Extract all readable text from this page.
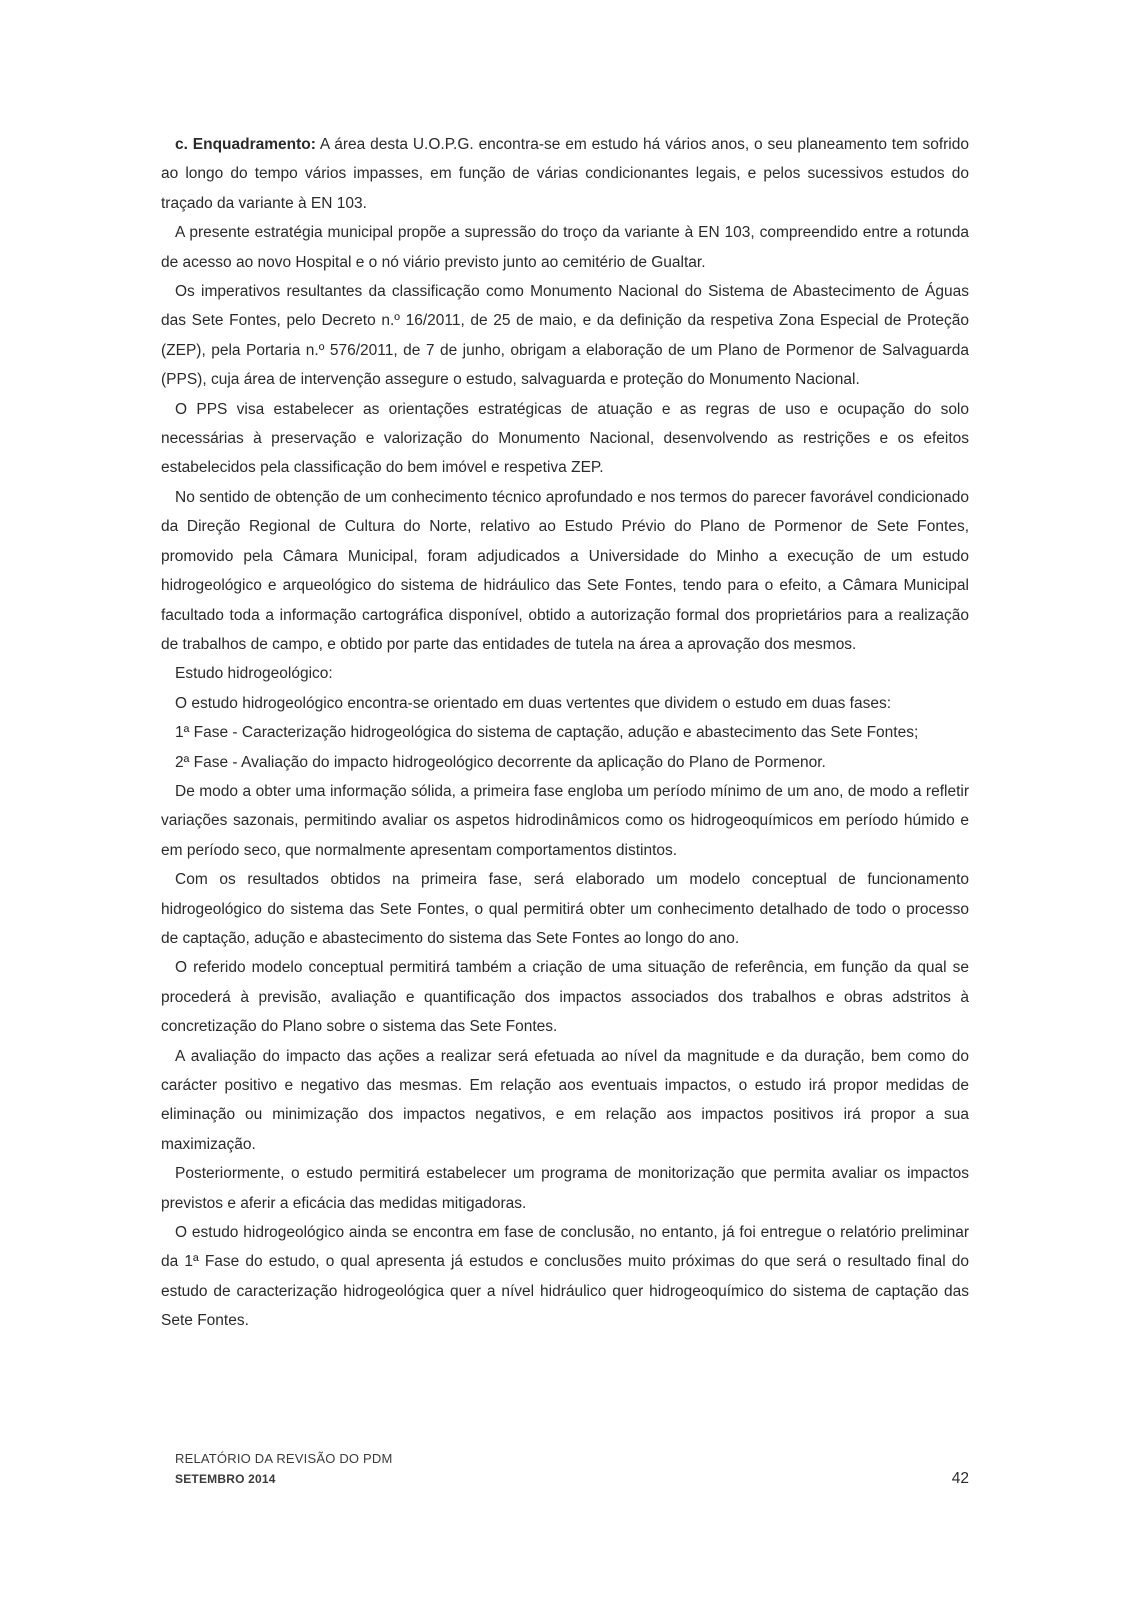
c. Enquadramento: A área desta U.O.P.G. encontra-se em estudo há vários anos, o seu planeamento tem sofrido ao longo do tempo vários impasses, em função de várias condicionantes legais, e pelos sucessivos estudos do traçado da variante à EN 103.

A presente estratégia municipal propõe a supressão do troço da variante à EN 103, compreendido entre a rotunda de acesso ao novo Hospital e o nó viário previsto junto ao cemitério de Gualtar.

Os imperativos resultantes da classificação como Monumento Nacional do Sistema de Abastecimento de Águas das Sete Fontes, pelo Decreto n.º 16/2011, de 25 de maio, e da definição da respetiva Zona Especial de Proteção (ZEP), pela Portaria n.º 576/2011, de 7 de junho, obrigam a elaboração de um Plano de Pormenor de Salvaguarda (PPS), cuja área de intervenção assegure o estudo, salvaguarda e proteção do Monumento Nacional.

O PPS visa estabelecer as orientações estratégicas de atuação e as regras de uso e ocupação do solo necessárias à preservação e valorização do Monumento Nacional, desenvolvendo as restrições e os efeitos estabelecidos pela classificação do bem imóvel e respetiva ZEP.

No sentido de obtenção de um conhecimento técnico aprofundado e nos termos do parecer favorável condicionado da Direção Regional de Cultura do Norte, relativo ao Estudo Prévio do Plano de Pormenor de Sete Fontes, promovido pela Câmara Municipal, foram adjudicados a Universidade do Minho a execução de um estudo hidrogeológico e arqueológico do sistema de hidráulico das Sete Fontes, tendo para o efeito, a Câmara Municipal facultado toda a informação cartográfica disponível, obtido a autorização formal dos proprietários para a realização de trabalhos de campo, e obtido por parte das entidades de tutela na área a aprovação dos mesmos.

Estudo hidrogeológico:

O estudo hidrogeológico encontra-se orientado em duas vertentes que dividem o estudo em duas fases:

1ª Fase - Caracterização hidrogeológica do sistema de captação, adução e abastecimento das Sete Fontes;

2ª Fase - Avaliação do impacto hidrogeológico decorrente da aplicação do Plano de Pormenor.

De modo a obter uma informação sólida, a primeira fase engloba um período mínimo de um ano, de modo a refletir variações sazonais, permitindo avaliar os aspetos hidrodinâmicos como os hidrogeoquímicos em período húmido e em período seco, que normalmente apresentam comportamentos distintos.

Com os resultados obtidos na primeira fase, será elaborado um modelo conceptual de funcionamento hidrogeológico do sistema das Sete Fontes, o qual permitirá obter um conhecimento detalhado de todo o processo de captação, adução e abastecimento do sistema das Sete Fontes ao longo do ano.

O referido modelo conceptual permitirá também a criação de uma situação de referência, em função da qual se procederá à previsão, avaliação e quantificação dos impactos associados dos trabalhos e obras adstritos à concretização do Plano sobre o sistema das Sete Fontes.

A avaliação do impacto das ações a realizar será efetuada ao nível da magnitude e da duração, bem como do carácter positivo e negativo das mesmas. Em relação aos eventuais impactos, o estudo irá propor medidas de eliminação ou minimização dos impactos negativos, e em relação aos impactos positivos irá propor a sua maximização.

Posteriormente, o estudo permitirá estabelecer um programa de monitorização que permita avaliar os impactos previstos e aferir a eficácia das medidas mitigadoras.

O estudo hidrogeológico ainda se encontra em fase de conclusão, no entanto, já foi entregue o relatório preliminar da 1ª Fase do estudo, o qual apresenta já estudos e conclusões muito próximas do que será o resultado final do estudo de caracterização hidrogeológica quer a nível hidráulico quer hidrogeoquímico do sistema de captação das Sete Fontes.

RELATÓRIO DA REVISÃO DO PDM
SETEMBRO 2014	42
